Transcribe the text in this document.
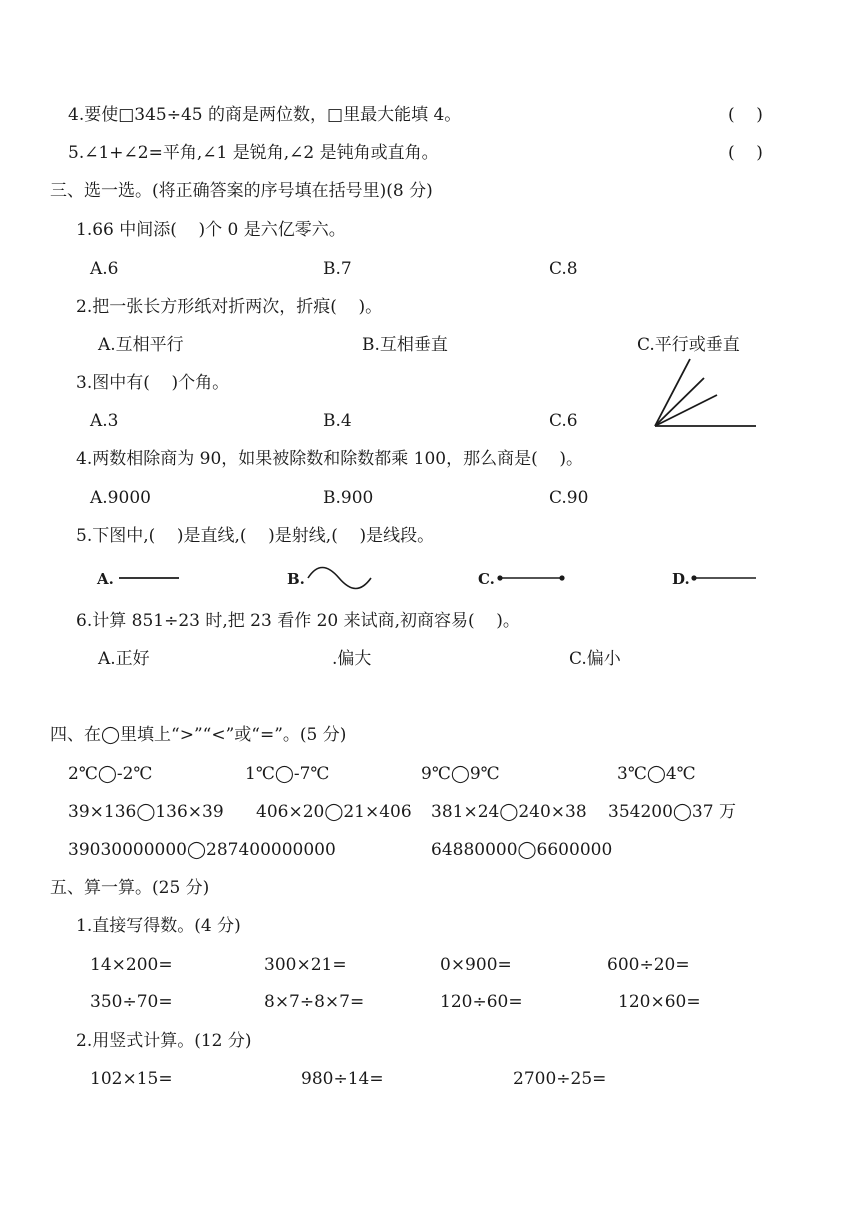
4.要使□345÷45 的商是两位数，□里最大能填 4。	(    )
5.∠1+∠2=平角,∠1 是锐角,∠2 是钝角或直角。	(    )
三、选一选。(将正确答案的序号填在括号里)(8 分)
1.66 中间添(    )个 0 是六亿零六。
A.6	B.7	C.8
2.把一张长方形纸对折两次，折痕(    )。
A.互相平行	B.互相垂直	C.平行或垂直
3.图中有(    )个角。
A.3	B.4	C.6
4.两数相除商为 90，如果被除数和除数都乘 100，那么商是(    )。
A.9000	B.900	C.90
5.下图中,(    )是直线,(    )是射线,(    )是线段。
A.	B.	C.	D.
6.计算 851÷23 时,把 23 看作 20 来试商,初商容易(    )。
A.正好	.偏大	C.偏小
四、在◯里填上“>”“<”或“=”。(5 分)
2℃◯-2℃	1℃◯-7℃	9℃◯9℃	3℃◯4℃
39×136◯136×39 406×20◯21×406 381×24◯240×38 354200◯37 万
39030000000◯287400000000	64880000◯6600000
五、算一算。(25 分)
1.直接写得数。(4 分)
14×200=	300×21=	0×900=	600÷20=
350÷70=	8×7÷8×7=	120÷60=	120×60=
2.用竖式计算。(12 分)
102×15=	980÷14=	2700÷25=
